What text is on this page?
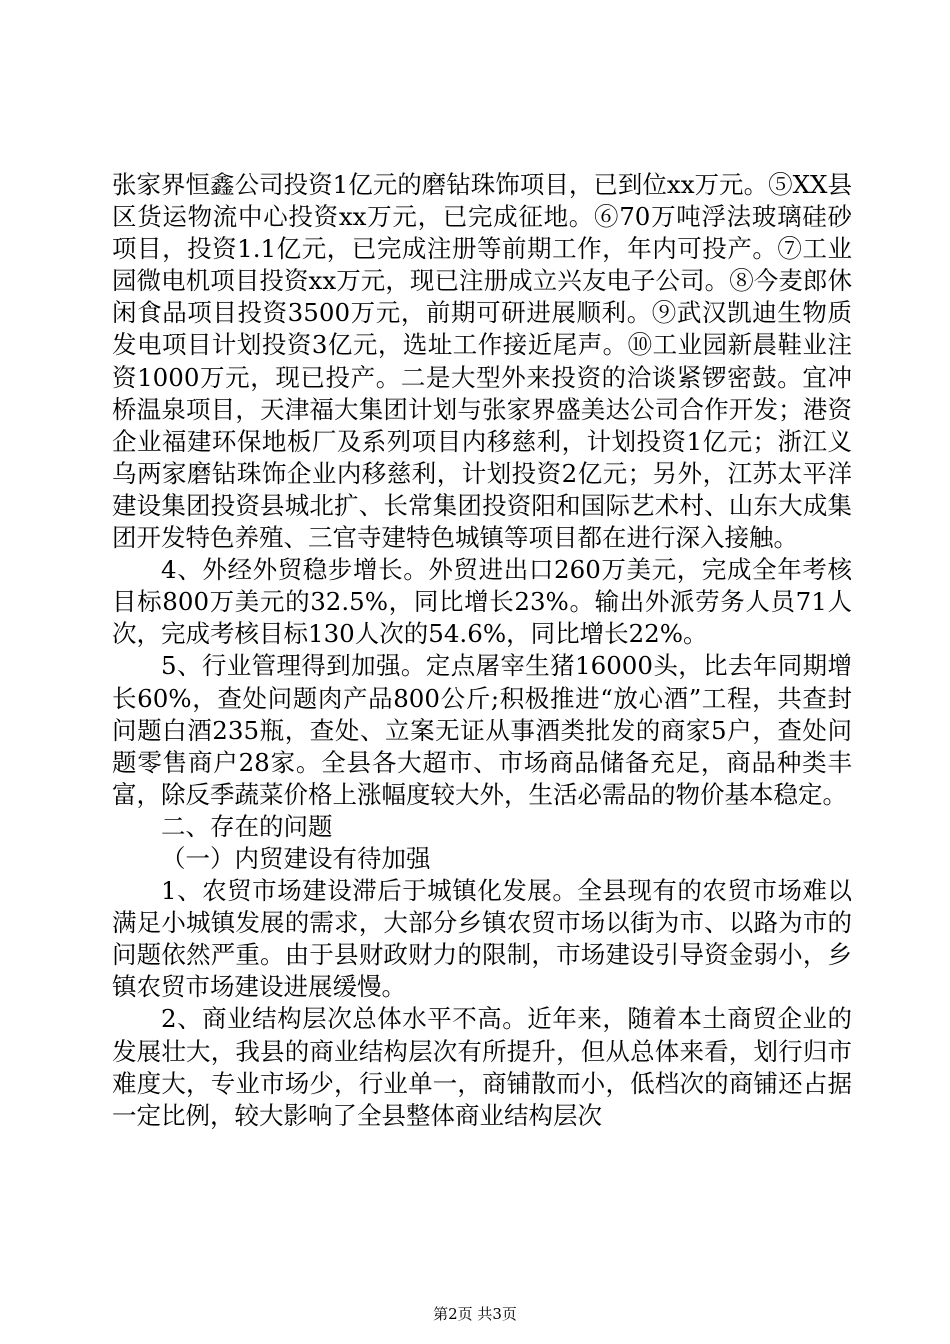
张家界恒鑫公司投资1亿元的磨钻珠饰项目，已到位xx万元。⑤XX县区货运物流中心投资xx万元，已完成征地。⑥70万吨浮法玻璃硅砂项目，投资1.1亿元，已完成注册等前期工作，年内可投产。⑦工业园微电机项目投资xx万元，现已注册成立兴友电子公司。⑧今麦郎休闲食品项目投资3500万元，前期可研进展顺利。⑨武汉凯迪生物质发电项目计划投资3亿元，选址工作接近尾声。⑩工业园新晨鞋业注资1000万元，现已投产。二是大型外来投资的洽谈紧锣密鼓。宜冲桥温泉项目，天津福大集团计划与张家界盛美达公司合作开发；港资企业福建环保地板厂及系列项目内移慈利，计划投资1亿元；浙江义乌两家磨钻珠饰企业内移慈利，计划投资2亿元；另外，江苏太平洋建设集团投资县城北扩、长常集团投资阳和国际艺术村、山东大成集团开发特色养殖、三官寺建特色城镇等项目都在进行深入接触。

4、外经外贸稳步增长。外贸进出口260万美元，完成全年考核目标800万美元的32.5%，同比增长23%。输出外派劳务人员71人次，完成考核目标130人次的54.6%，同比增长22%。

5、行业管理得到加强。定点屠宰生猪16000头，比去年同期增长60%，查处问题肉产品800公斤;积极推进“放心酒”工程，共查封问题白酒235瓶，查处、立案无证从事酒类批发的商家5户，查处问题零售商户28家。全县各大超市、市场商品储备充足，商品种类丰富，除反季蔬菜价格上涨幅度较大外，生活必需品的物价基本稳定。

二、存在的问题

（一）内贸建设有待加强

1、农贸市场建设滞后于城镇化发展。全县现有的农贸市场难以满足小城镇发展的需求，大部分乡镇农贸市场以街为市、以路为市的问题依然严重。由于县财政财力的限制，市场建设引导资金弱小，乡镇农贸市场建设进展缓慢。

2、商业结构层次总体水平不高。近年来，随着本土商贸企业的发展壮大，我县的商业结构层次有所提升，但从总体来看，划行归市难度大，专业市场少，行业单一，商铺散而小，低档次的商铺还占据一定比例，较大影响了全县整体商业结构层次

第2页 共3页
